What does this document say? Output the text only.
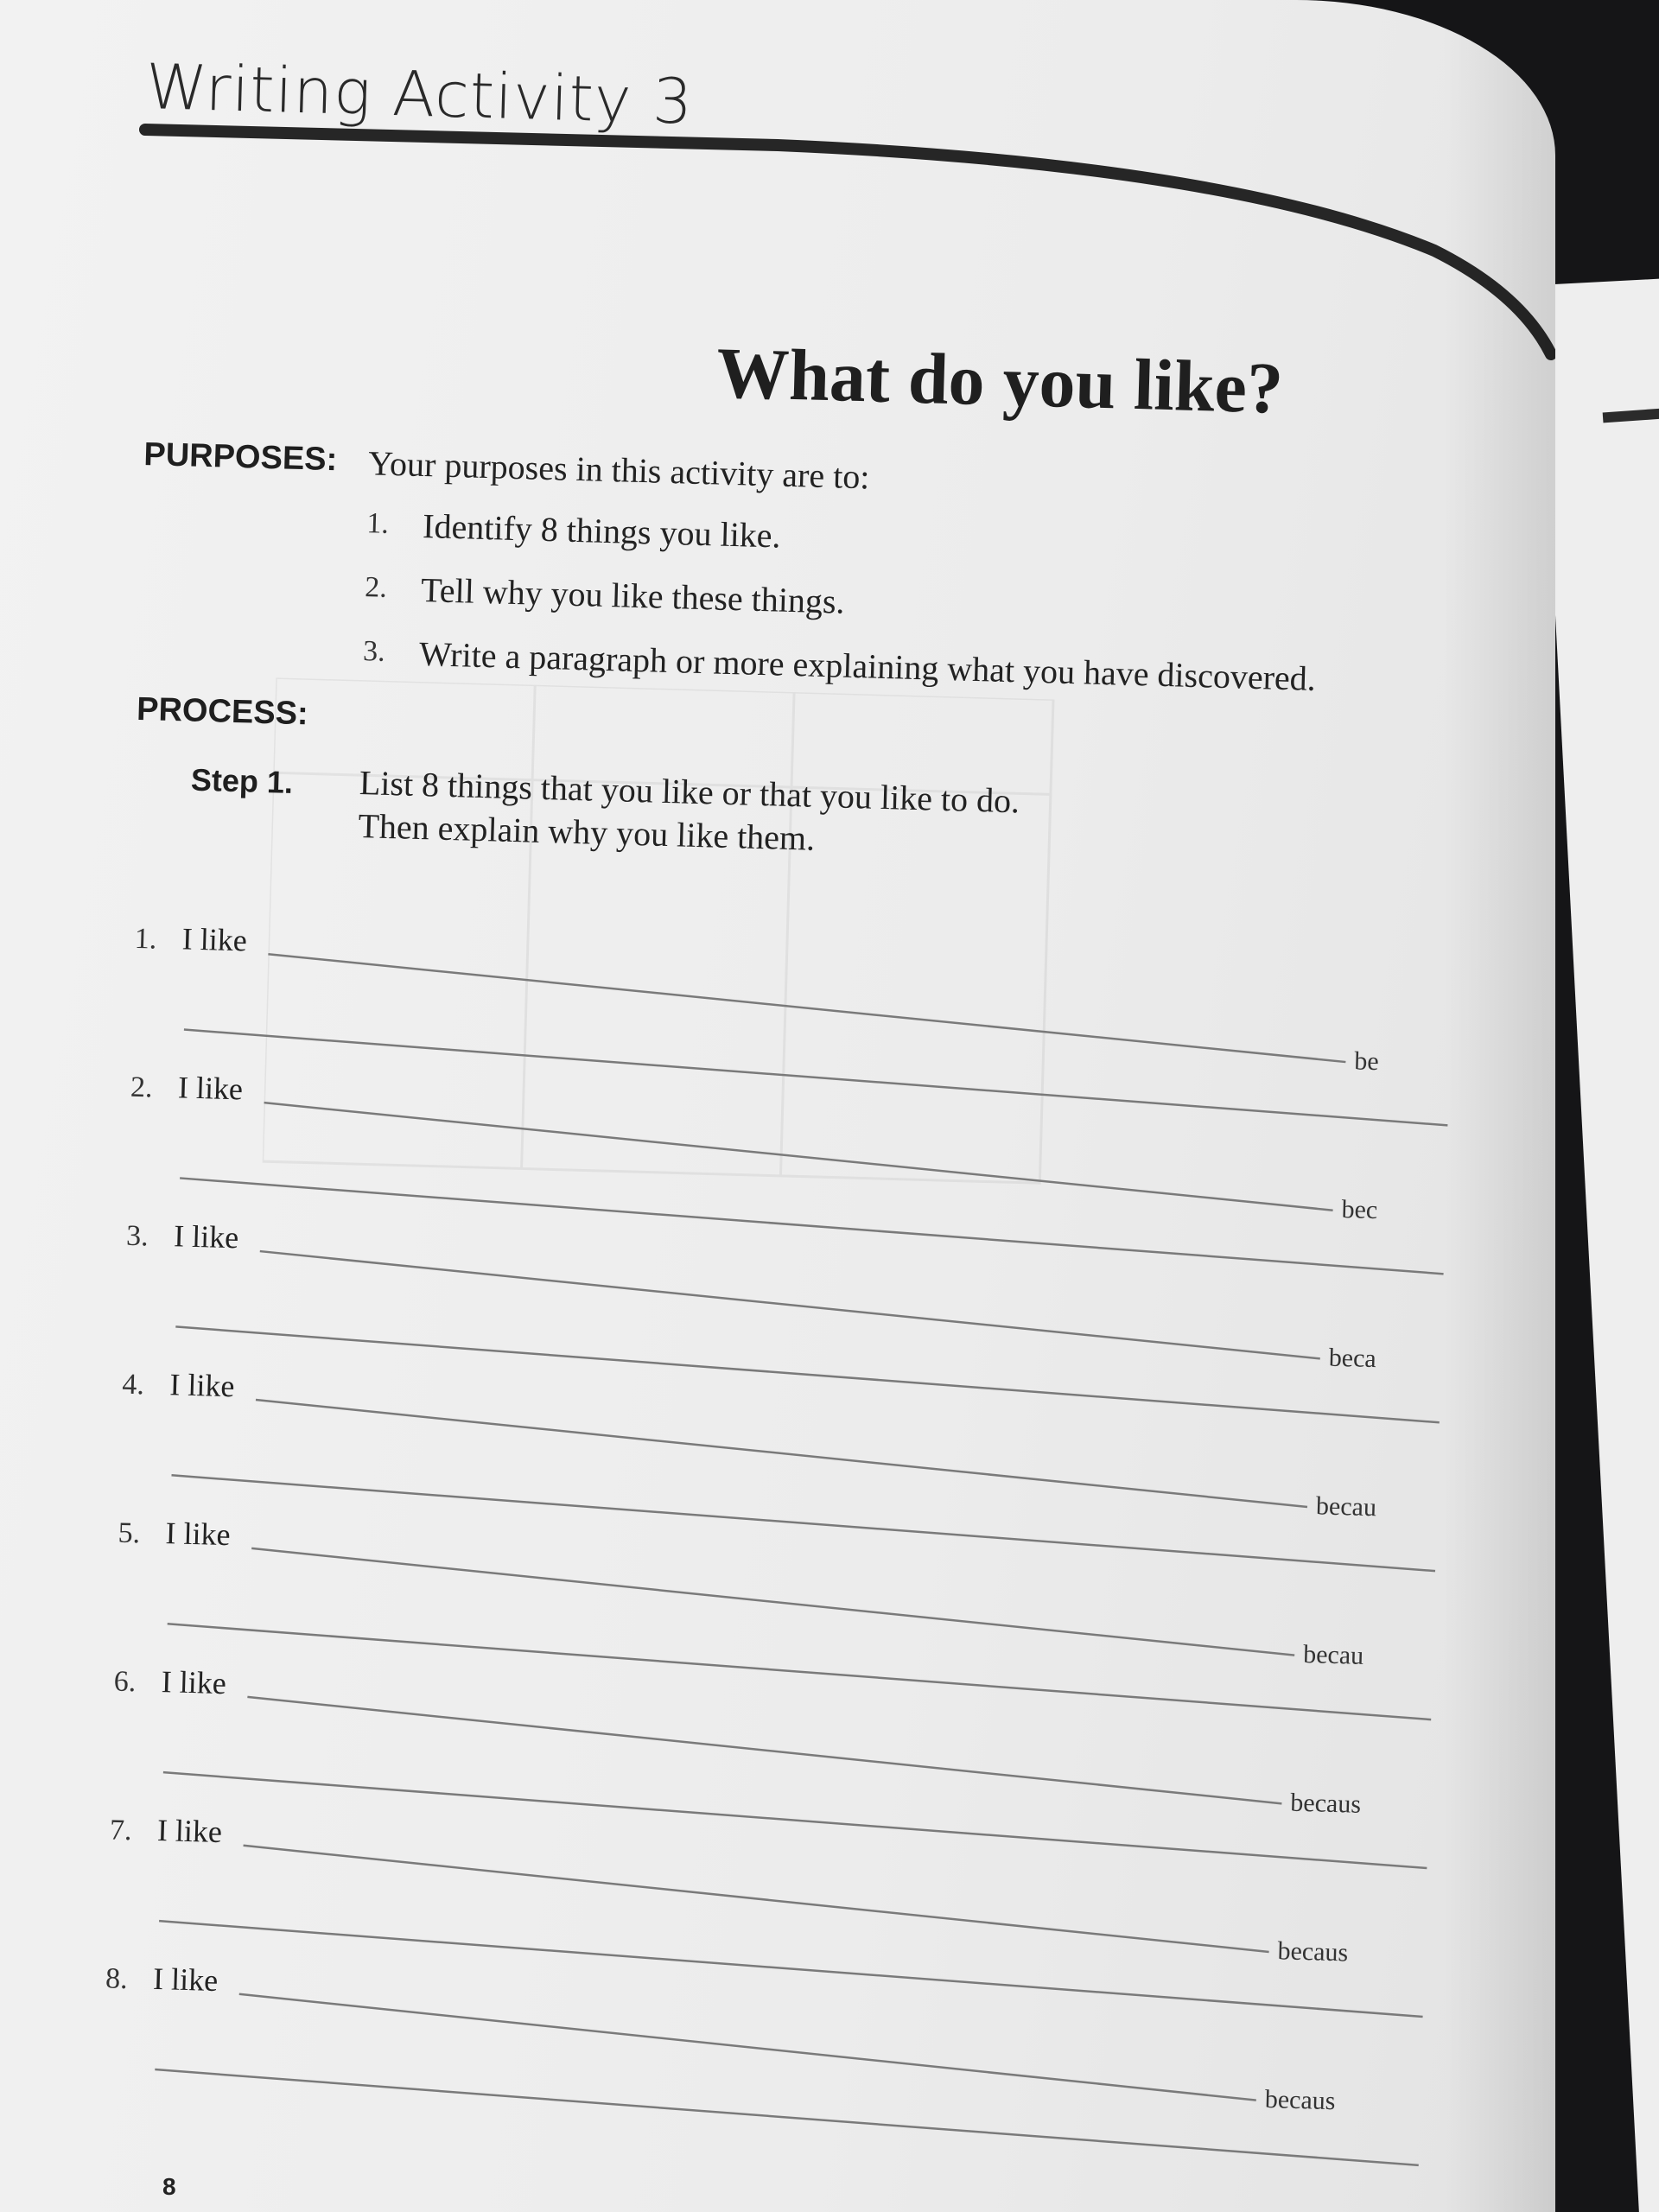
Writing Activity 3
What do you like?
PURPOSES: Your purposes in this activity are to:
1. Identify 8 things you like.
2. Tell why you like these things.
3. Write a paragraph or more explaining what you have discovered.
PROCESS:
Step 1. List 8 things that you like or that you like to do.
Then explain why you like them.
1. I like
be
2. I like
bec
3. I like
beca
4. I like
becau
5. I like
becau
6. I like
becaus
7. I like
becaus
8. I like
becaus
8
